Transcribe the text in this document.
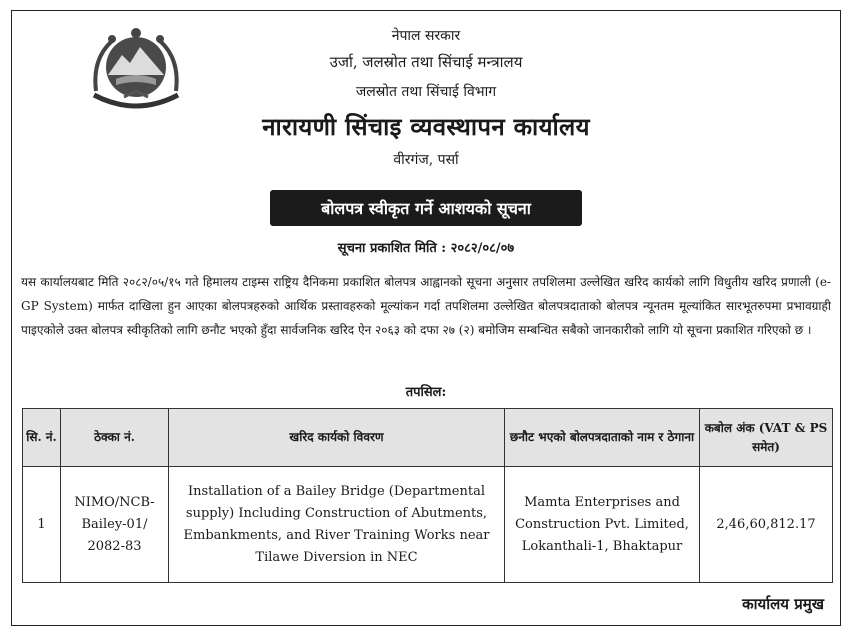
नेपाल सरकार
उर्जा, जलस्रोत तथा सिंचाई मन्त्रालय
जलस्रोत तथा सिंचाई विभाग
नारायणी सिंचाइ व्यवस्थापन कार्यालय
वीरगंज, पर्सा
बोलपत्र स्वीकृत गर्ने आशयको सूचना
सूचना प्रकाशित मिति : २०८२/०८/०७

यस कार्यालयबाट मिति २०८२/०५/१५ गते हिमालय टाइम्स राष्ट्रिय दैनिकमा प्रकाशित बोलपत्र आह्वानको सूचना अनुसार तपशिलमा उल्लेखित खरिद कार्यको लागि विधुतीय खरिद प्रणाली (e-GP System) मार्फत दाखिला हुन आएका बोलपत्रहरुको आर्थिक प्रस्तावहरुको मूल्यांकन गर्दा तपशिलमा उल्लेखित बोलपत्रदाताको बोलपत्र न्यूनतम मूल्यांकित सारभूतरुपमा प्रभावग्राही पाइएकोले उक्त बोलपत्र स्वीकृतिको लागि छनौट भएको हुँदा सार्वजनिक खरिद ऐन २०६३ को दफा २७ (२) बमोजिम सम्बन्धित सबैको जानकारीको लागि यो सूचना प्रकाशित गरिएको छ ।

तपसिल:
सि. नं.	ठेक्का नं.	खरिद कार्यको विवरण	छनौट भएको बोलपत्रदाताको नाम र ठेगाना	कबोल अंक (VAT & PS समेत)
1	NIMO/NCB-Bailey-01/ 2082-83	Installation of a Bailey Bridge (Departmental supply) Including Construction of Abutments, Embankments, and River Training Works near Tilawe Diversion in NEC	Mamta Enterprises and Construction Pvt. Limited, Lokanthali-1, Bhaktapur	2,46,60,812.17
कार्यालय प्रमुख
